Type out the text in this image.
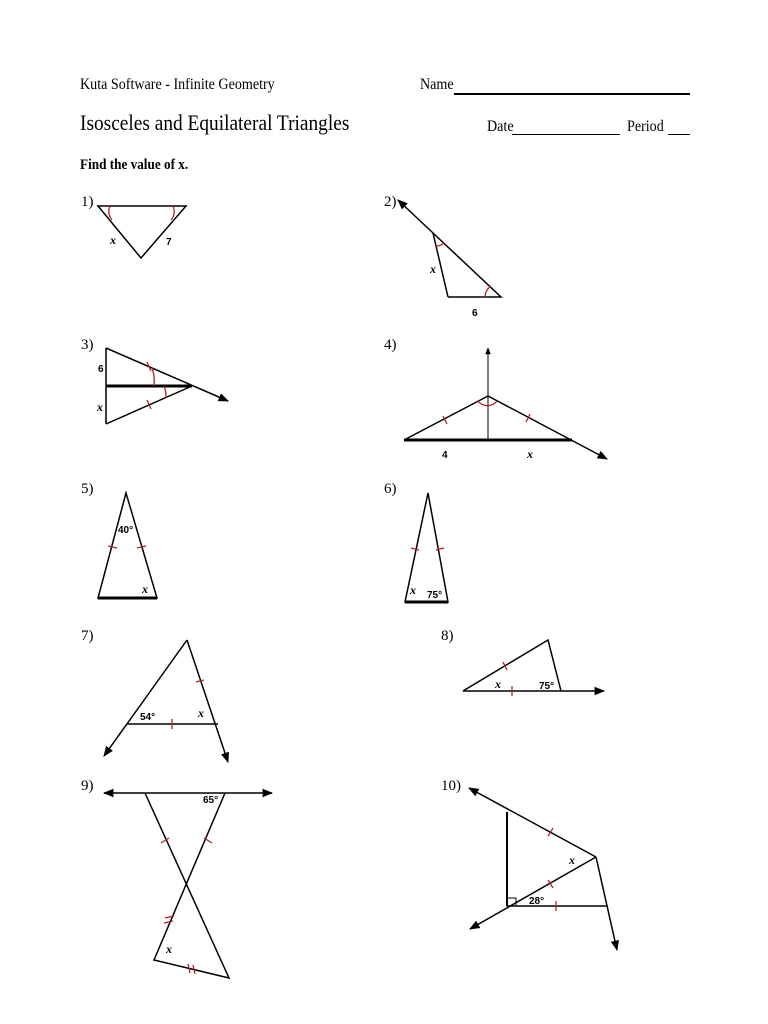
Kuta Software - Infinite Geometry
Isosceles and Equilateral Triangles
Name
Date	Period
Find the value of x.
1)
x	7
2)
x
6
3)
6
x
4)
4	x
5)
40°
x
6)
x 75°
7)
54°	x
8)
x	75°
9)
65°
x
10)
x
28°
